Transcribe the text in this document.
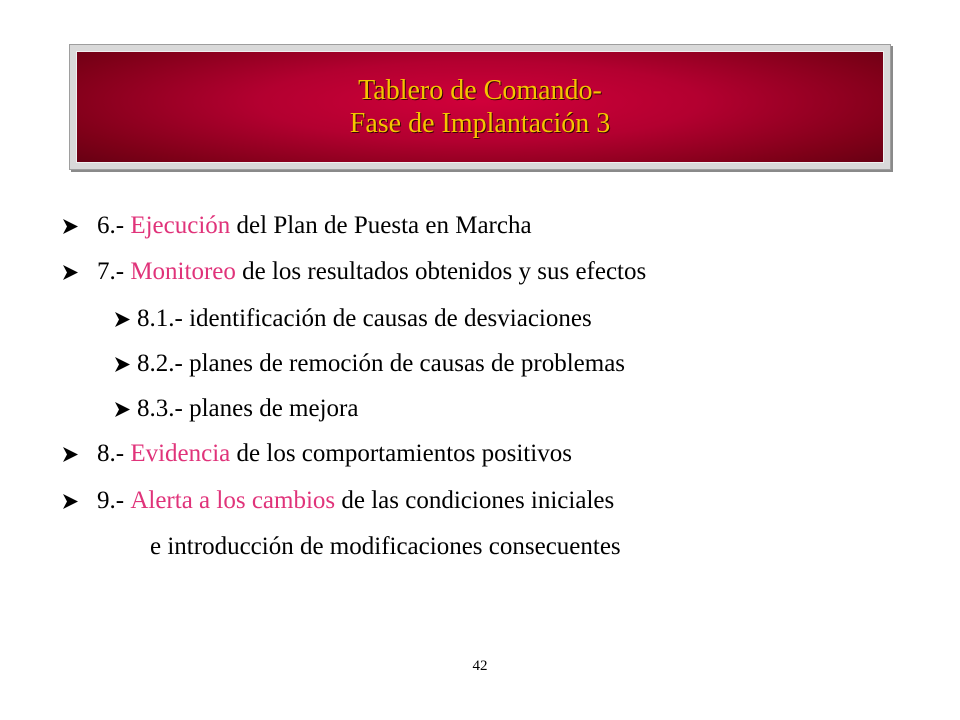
Tablero de Comando-
Fase de Implantación 3
6.- Ejecución del Plan de Puesta en Marcha
7.- Monitoreo de los resultados obtenidos y sus efectos
8.1.- identificación de causas de desviaciones
8.2.- planes de remoción de causas de problemas
8.3.- planes de mejora
8.- Evidencia de los comportamientos positivos
9.- Alerta a los cambios de las condiciones iniciales
e introducción de modificaciones consecuentes
42
